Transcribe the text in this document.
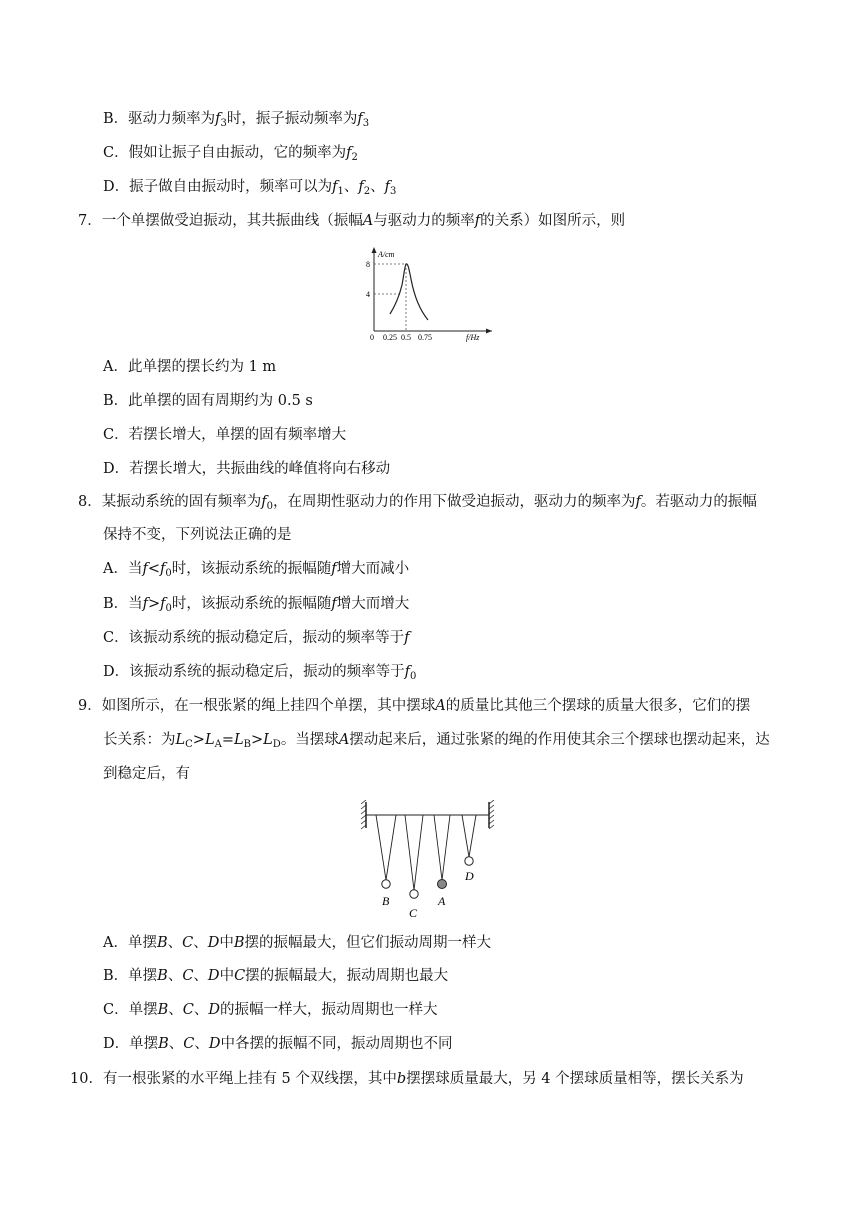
B．驱动力频率为$f_3$时，振子振动频率为$f_3$
C．假如让振子自由振动，它的频率为$f_2$
D．振子做自由振动时，频率可以为$f_1$、$f_2$、$f_3$
7．一个单摆做受迫振动，其共振曲线（振幅A与驱动力的频率f的关系）如图所示，则
A/cm
8
4
0 0.25 0.5 0.75	f/Hz
A．此单摆的摆长约为 1 m
B．此单摆的固有周期约为 0.5 s
C．若摆长增大，单摆的固有频率增大
D．若摆长增大，共振曲线的峰值将向右移动
8．某振动系统的固有频率为$f_0$，在周期性驱动力的作用下做受迫振动，驱动力的频率为f。若驱动力的振幅
保持不变，下列说法正确的是
A．当$f<f_0$时，该振动系统的振幅随f增大而减小
B．当$f>f_0$时，该振动系统的振幅随f增大而增大
C．该振动系统的振动稳定后，振动的频率等于f
D．该振动系统的振动稳定后，振动的频率等于$f_0$
9．如图所示，在一根张紧的绳上挂四个单摆，其中摆球A的质量比其他三个摆球的质量大很多，它们的摆
长关系：为$L_C>L_A=L_B>L_D$。当摆球A摆动起来后，通过张紧的绳的作用使其余三个摆球也摆动起来，达
到稳定后，有
B
C
A
D
A．单摆B、C、D中B摆的振幅最大，但它们振动周期一样大
B．单摆B、C、D中C摆的振幅最大，振动周期也最大
C．单摆B、C、D的振幅一样大，振动周期也一样大
D．单摆B、C、D中各摆的振幅不同，振动周期也不同
10．有一根张紧的水平绳上挂有 5 个双线摆，其中b摆摆球质量最大，另 4 个摆球质量相等，摆长关系为
